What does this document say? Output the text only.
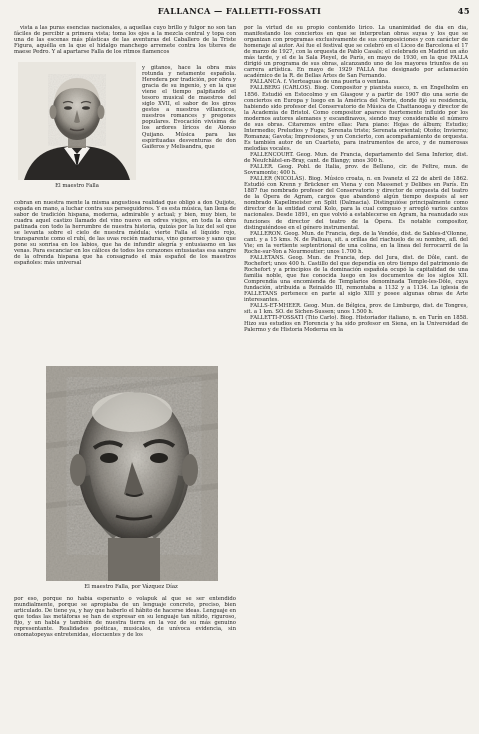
FALLANCA — FALLETTI-FOSSATI	45

vista a las puras esencias nacionales, a aquellas cuyo brillo y fulgor no son tan fáciles de percibir a primera vista; toma los ojos a la mezcla central y topa con una de las escenas más plásticas de las aventuras del Caballero de la Triste Figura, aquélla en la que el hidalgo manchego arremete contra los títeres de maese Pedro. Y al apartarse Falla de los ritmos flamencos

El maestro Falla
y gitanos, hace la obra más rotunda y netamente española. Heredera por tradición, por obra y gracia de su ingenio, y en la que viene el tiempo palpitando el tesoro musical de maestros del siglo XVII, el sabor de los giros gestos a nuestros villancicos, nuestros romances y pregones populares. Evocación vivísima de los ardores líricos de Alonso Quijano. Música para las espirituadas desventuras de don Gaiferos y Melisandra, que

cobran en nuestra mente la misma angustiosa realidad que obligó a don Quijote, espada en mano, a luchar contra sus perseguidores. Y es esta música, tan llena de sabor de tradición hispana, moderna, admirable y actual; y bien, muy bien, te cuadra aquel castizo llamado del vino nuevo en odres viejos, en toda la obra patinada con todo la herrumbre de nuestra historia, quizás por la luz del sol que se levanta sobre el cielo de nuestra médula; vierte Falla el líquido rojo, transparente como el rubí, de las uvas recién maduras, vino generoso y sano que pone su sonrisa en los labios, que ha de infundir alegría y entusiasmo en las venas. Para escanciar en los cálices de todos los corazones entusiastas esa sangre de la ofrenda hispana que ha consagrado el más español de los maestros españoles: más universal

El maestro Falla, por Vázquez Díaz

por eso, porque no había esperanto o volapuk al que se ser entendido mundialmente, porque se apropiaba de un lenguaje concreto, preciso, bien articulado. De tiene ya, y hay que haberlo el hábito de hacerse ideas. Lenguaje en que todas las metáforas se han de expresar en su lenguaje tan nítido, riguroso, fijo, y un habla y también de nuestra tierra en la voz de su más genuino representante. Realidades poéticas, musicales, de unívoca evidencia, sin onomatopeyas entretenidas, elocuentes y de los

por la virtud de su propio contenido lírico. La unanimidad de día en día, manifestando los conciertos en que se interpretan obras suyas y los que se organizan con programas exclusivamente de sus composiciones y con carácter de homenaje al autor. Así fue el festival que se celebró en el Liceo de Barcelona el 17 de marzo de 1927, con la orquesta de Pablo Casals; el celebrado en Madrid un año más tarde, y el de la Sala Pleyel, de París, en mayo de 1930, en la que FALLA dirigió un programa de sus obras, alcanzando uno de los mayores triunfos de su carrera artística. En mayo de 1929 FALLA fue designado por aclamación académico de la R. de Bellas Artes de San Fernando.

FALLANCA. f. Vierteaguas de una puerta o ventana.

FALLBERG (CARLOS). Biog. Compositor y pianista sueco, n. en Engelholm en 1856. Estudió en Estocolmo y en Glasgow y a partir de 1907 dio una serie de conciertos en Europa y luego en la América del Norte, donde fijó su residencia, habiendo sido profesor del Conservatorio de Música de Chattanooga y director de la Academia de Bristol. Como compositor aparece fuertemente influido por los modernos autores alemanes y escandinavos, siendo muy considerable el número de sus obras. Citaremos entre ellas: Para piano: Hojas de álbum; Estudio; Intermedio; Preludios y Fuga; Serenata triste; Serenata oriental; Otoño; Invierno; Romanza; Gavota; Impresiones, y un Concierto, con acompañamiento de orquesta. Es también autor de un Cuarteto, para instrumentos de arco, y de numerosas melodías vocales.

FALLENCOURT. Geog. Mun. de Francia, departamento del Sena Inferior, dist. de Neufchâtel-en-Bray, cant. de Blangy; unos 300 h.

FALLER. Geog. Pobl. de Italia, prov. de Belluno, cir. de Feltre, mun. de Sovramonte; 400 h.

FALLER (NICOLÁS). Biog. Músico croata, n. en Ivanetz el 22 de abril de 1862. Estudió con Krenn y Brückner en Viena y con Massenet y Delibes en París. En 1887 fue nombrado profesor del Conservatorio y director de orquesta del teatro de la Ópera de Agram, cargos que abandonó algún tiempo después al ser nombrado Kapellmeister en Split (Dalmacia). Distinguióse principalmente como director de la entidad coral Kolo, para la cual compuso y arregló varios cantos nacionales. Desde 1891, en que volvió a establecerse en Agram, ha reanudado sus funciones de director del teatro de la Ópera. Es notable compositor, distinguiéndose en el género instrumental.

FALLERON. Geog. Mun. de Francia, dep. de la Vendée, dist. de Sables-d'Olonne, cant. y a 15 kms. N. de Palluau, sit. a orillas del riachuelo de su nombre, afl. del Vie; en la vertiente septentrional de una colina, en la línea del ferrocarril de la Roche-sur-Yon a Nourmoutier; unos 1.700 h.

FALLETANS. Geog. Mun. de Francia, dep. del Jura, dist. de Dôle, cant. de Rochefort; unos 400 h. Castillo del que dependía en otro tiempo del patrimonio de Rochefort y a principios de la dominación española ocupó la capitalidad de una familia noble, que fue conocida luego en los documentos de los siglos XII. Comprendía una encomienda de Templarios denominada Temple-les-Dôle, cuya fundación, atribuida a Reinaldo III, remontaba a 1132 y a 1134. La iglesia de FALLETANS pertenece en parte al siglo XIII y posee algunas obras de Arte interesantes.

FALLS-ET-MHEER. Geog. Mun. de Bélgica, prov. de Limburgo, dist. de Tongres, sit. a 1 km. SO. de Sichen-Sussen; unos 1.500 h.

FALLETTI-FOSSATI (Tito Carlo). Biog. Historiador italiano, n. en Turín en 1858. Hizo sus estudios en Florencia y ha sido profesor en Siena, en la Universidad de Palermo y de Historia Moderna en la
